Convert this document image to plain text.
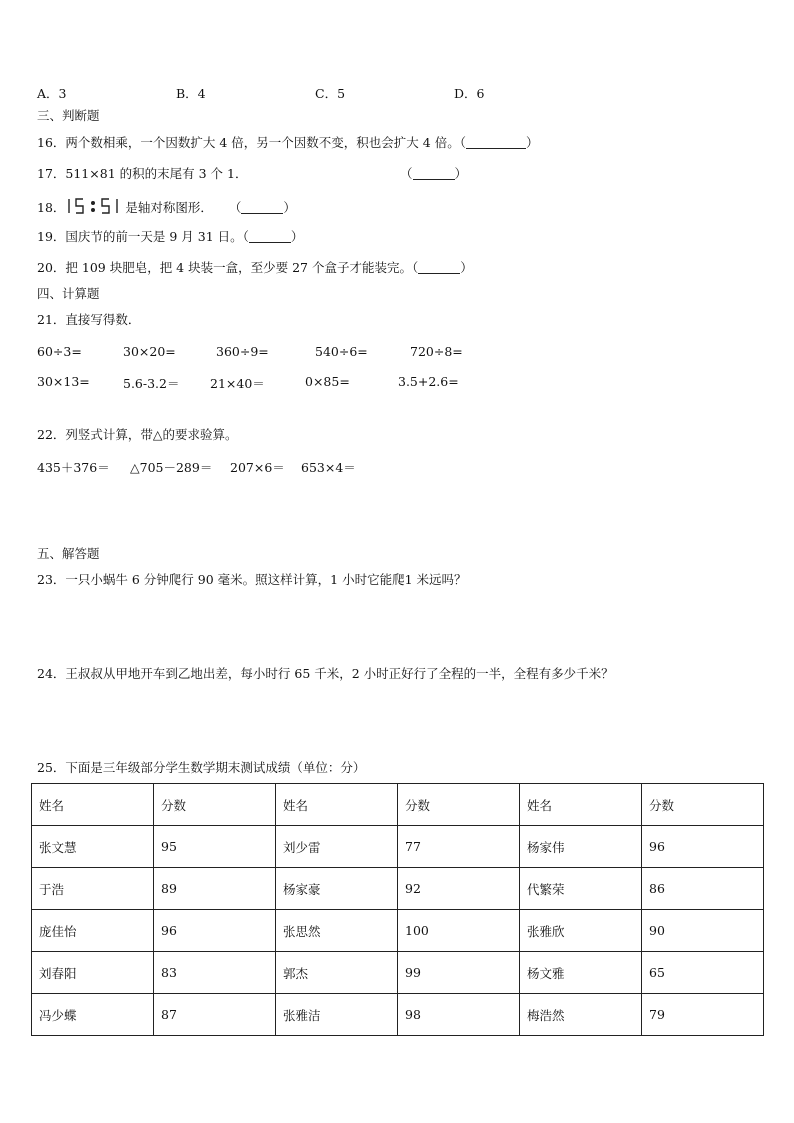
A．3	B．4	C．5	D．6
三、判断题
16．两个数相乘，一个因数扩大 4 倍，另一个因数不变，积也会扩大 4 倍。（	）
17．511×81 的积的末尾有 3 个 1．	（	）
18．	是轴对称图形． （	）
19．国庆节的前一天是 9 月 31 日。（	）
20．把 109 块肥皂，把 4 块装一盒，至少要 27 个盒子才能装完。（	）
四、计算题
21．直接写得数．
60÷3=	30×20=	360÷9=	540÷6=	720÷8=
30×13=	5.6-3.2＝ 21×40＝	0×85=	3.5+2.6=
22．列竖式计算，带△的要求验算。
435＋376＝ △705－289＝ 207×6＝ 653×4＝
五、解答题
23．一只小蜗牛 6 分钟爬行 90 毫米。照这样计算，1 小时它能爬1 米远吗？
24．王叔叔从甲地开车到乙地出差，每小时行 65 千米，2 小时正好行了全程的一半，全程有多少千米？
25．下面是三年级部分学生数学期末测试成绩（单位：分）
姓名	分数	姓名	分数	姓名	分数
张文慧	95	刘少雷	77	杨家伟	96
于浩	89	杨家豪	92	代繁荣	86
庞佳怡	96	张思然	100	张雅欣	90
刘春阳	83	郭杰	99	杨文雅	65
冯少蝶	87	张雅洁	98	梅浩然	79
